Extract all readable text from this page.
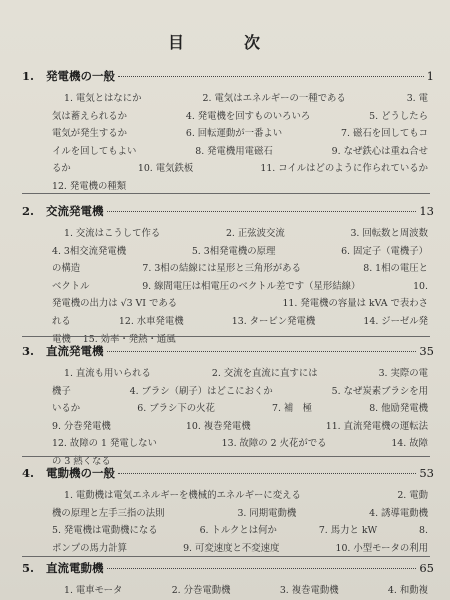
目　次
1.	発電機の一般	1
1. 電気とはなにか	2. 電気はエネルギーの一種である	3. 電
気は蓄えられるか	4. 発電機を回すものいろいろ	5. どうしたら
電気が発生するか	6. 回転運動が一番よい	7. 磁石を回してもコ
イルを回してもよい	8. 発電機用電磁石	9. なぜ鉄心は重ね合せ
るか	10. 電気鉄板	11. コイルはどのように作られているか
12. 発電機の種類
2.	交流発電機	13
1. 交流はこうして作る	2. 正弦波交流	3. 回転数と周波数
4. 3相交流発電機	5. 3相発電機の原理	6. 固定子（電機子）
の構造	7. 3相の結線には星形と三角形がある	8. 1相の電圧と
ベクトル	9. 線間電圧は相電圧のベクトル差です（星形結線）	10.
発電機の出力は √3 VI である	11. 発電機の容量は kVA で表わさ
れる	12. 水車発電機	13. タービン発電機	14. ジーゼル発
電機 15. 効率・発熱・通風
3.	直流発電機	35
1. 直流も用いられる	2. 交流を直流に直すには	3. 実際の電
機子	4. ブラシ（刷子）はどこにおくか	5. なぜ炭素ブラシを用
いるか	6. ブラシ下の火花	7. 補　極	8. 他励発電機
9. 分巻発電機	10. 複巻発電機	11. 直流発電機の運転法
12. 故障の 1 発電しない	13. 故障の 2 火花がでる	14. 故障
の 3 熱くなる
4.	電動機の一般	53
1. 電動機は電気エネルギーを機械的エネルギーに変える	2. 電動
機の原理と左手三指の法則	3. 同期電動機	4. 誘導電動機
5. 発電機は電動機になる	6. トルクとは何か	7. 馬力と kW	8.
ポンプの馬力計算	9. 可変速度と不変速度	10. 小型モータの利用
5.	直流電動機	65
1. 電車モータ	2. 分巻電動機	3. 複巻電動機	4. 和動複
